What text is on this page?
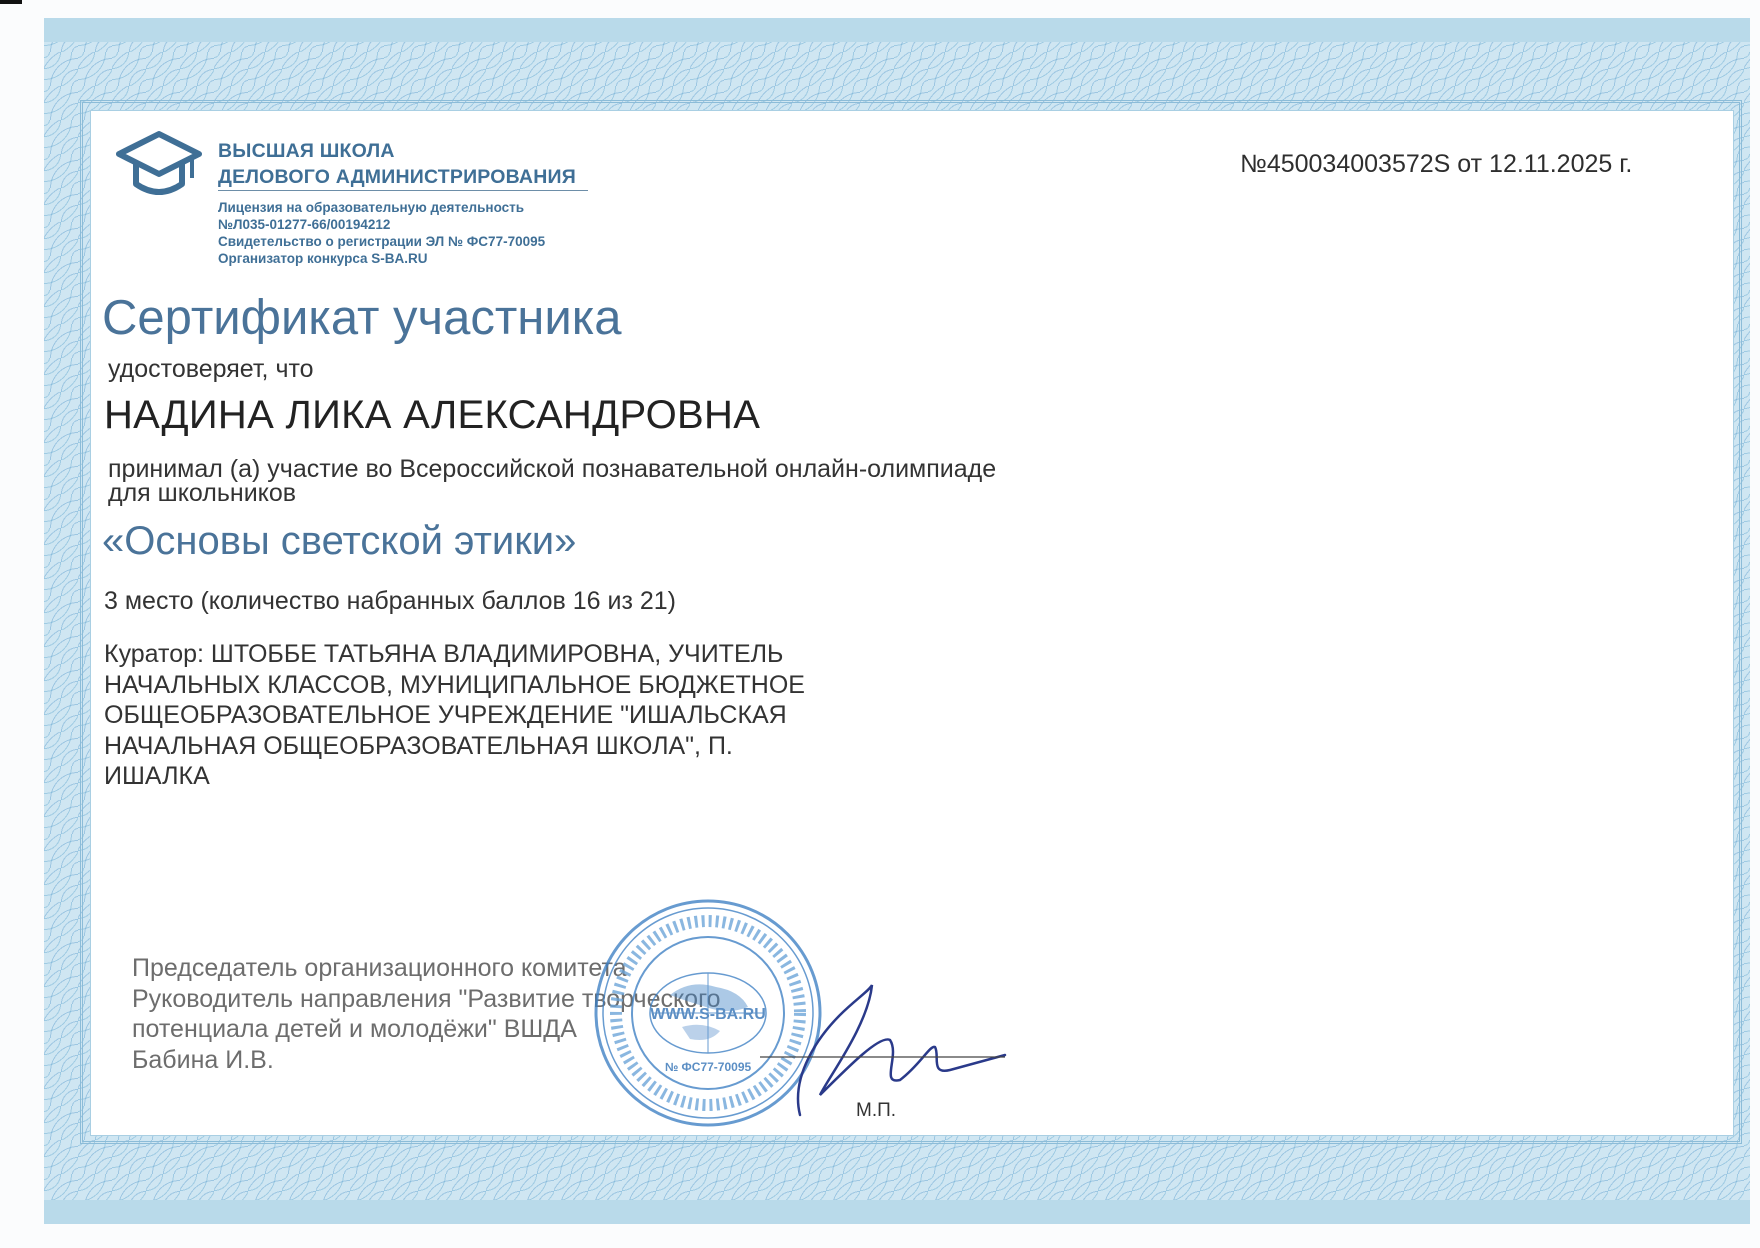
ВЫСШАЯ ШКОЛА
ДЕЛОВОГО АДМИНИСТРИРОВАНИЯ
Лицензия на образовательную деятельность
№Л035-01277-66/00194212
Свидетельство о регистрации ЭЛ № ФС77-70095
Организатор конкурса S-BA.RU
№450034003572S от 12.11.2025 г.
Сертификат участника
удостоверяет, что
НАДИНА ЛИКА АЛЕКСАНДРОВНА
принимал (а) участие во Всероссийской познавательной онлайн-олимпиаде
для школьников
«Основы светской этики»
3 место (количество набранных баллов 16 из 21)
Куратор: ШТОББЕ ТАТЬЯНА ВЛАДИМИРОВНА, УЧИТЕЛЬ
НАЧАЛЬНЫХ КЛАССОВ, МУНИЦИПАЛЬНОЕ БЮДЖЕТНОЕ
ОБЩЕОБРАЗОВАТЕЛЬНОЕ УЧРЕЖДЕНИЕ "ИШАЛЬСКАЯ
НАЧАЛЬНАЯ ОБЩЕОБРАЗОВАТЕЛЬНАЯ ШКОЛА", П.
ИШАЛКА
Председатель организационного комитета
Руководитель направления "Развитие творческого
потенциала детей и молодёжи" ВШДА
Бабина И.В.
WWW.S-BA.RU
№ ФС77-70095
М.П.
